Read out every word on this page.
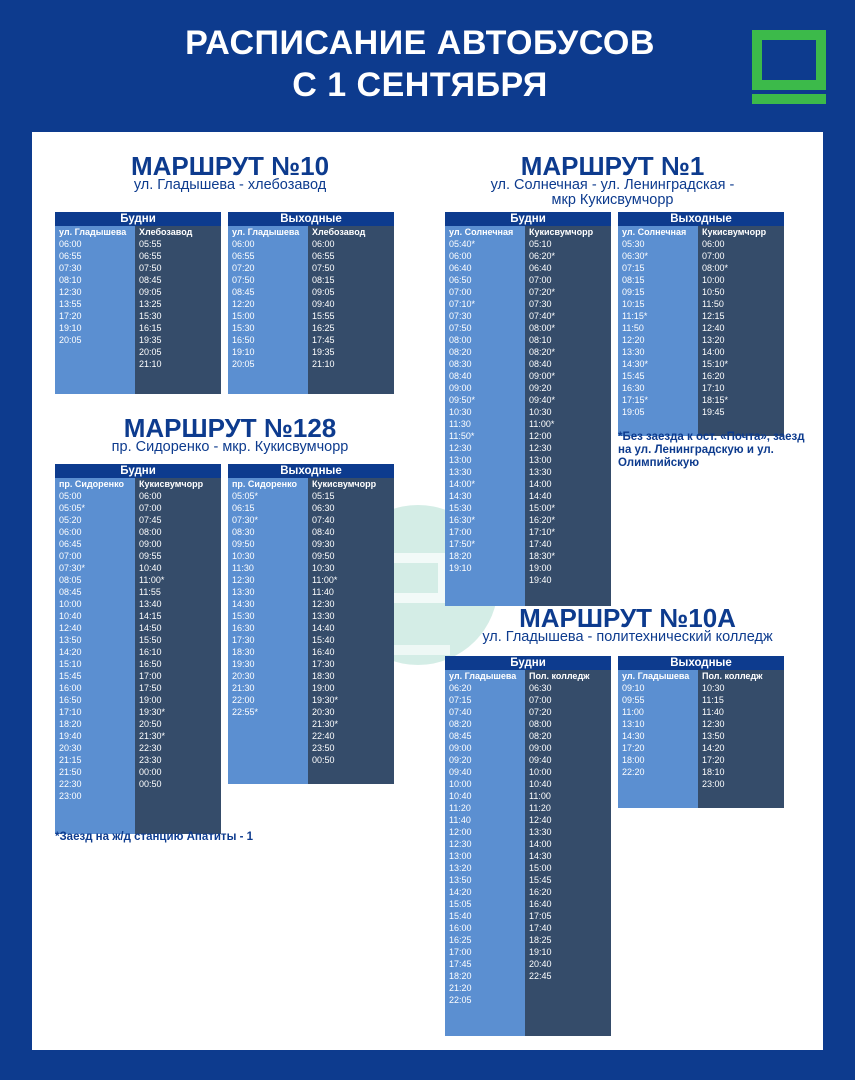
РАСПИСАНИЕ АВТОБУСОВ
С 1 СЕНТЯБРЯ
МАРШРУТ №10
ул. Гладышева - хлебозавод
Будни
ул. Гладышева
06:00
06:55
07:30
08:10
12:30
13:55
17:20
19:10
20:05
Хлебозавод
05:55
06:55
07:50
08:45
09:05
13:25
15:30
16:15
19:35
20:05
21:10
Выходные
ул. Гладышева
06:00
06:55
07:20
07:50
08:45
12:20
15:00
15:30
16:50
19:10
20:05
Хлебозавод
06:00
06:55
07:50
08:15
09:05
09:40
15:55
16:25
17:45
19:35
21:10
МАРШРУТ №128
пр. Сидоренко - мкр. Кукисвумчорр
Будни
пр. Сидоренко
05:00
05:05*
05:20
06:00
06:45
07:00
07:30*
08:05
08:45
10:00
10:40
12:40
13:50
14:20
15:10
15:45
16:00
16:50
17:10
18:20
19:40
20:30
21:15
21:50
22:30
23:00
Кукисвумчорр
06:00
07:00
07:45
08:00
09:00
09:55
10:40
11:00*
11:55
13:40
14:15
14:50
15:50
16:10
16:50
17:00
17:50
19:00
19:30*
20:50
21:30*
22:30
23:30
00:00
00:50
Выходные
пр. Сидоренко
05:05*
06:15
07:30*
08:30
09:50
10:30
11:30
12:30
13:30
14:30
15:30
16:30
17:30
18:30
19:30
20:30
21:30
22:00
22:55*
Кукисвумчорр
05:15
06:30
07:40
08:40
09:30
09:50
10:30
11:00*
11:40
12:30
13:30
14:40
15:40
16:40
17:30
18:30
19:00
19:30*
20:30
21:30*
22:40
23:50
00:50
*Заезд на ж/д станцию Апатиты - 1
МАРШРУТ №1
ул. Солнечная - ул. Ленинградская -
мкр Кукисвумчорр
Будни
ул. Солнечная
05:40*
06:00
06:40
06:50
07:00
07:10*
07:30
07:50
08:00
08:20
08:30
08:40
09:00
09:50*
10:30
11:30
11:50*
12:30
13:00
13:30
14:00*
14:30
15:30
16:30*
17:00
17:50*
18:20
19:10
Кукисвумчорр
05:10
06:20*
06:40
07:00
07:20*
07:30
07:40*
08:00*
08:10
08:20*
08:40
09:00*
09:20
09:40*
10:30
11:00*
12:00
12:30
13:00
13:30
14:00
14:40
15:00*
16:20*
17:10*
17:40
18:30*
19:00
19:40
Выходные
ул. Солнечная
05:30
06:30*
07:15
08:15
09:15
10:15
11:15*
11:50
12:20
13:30
14:30*
15:45
16:30
17:15*
19:05
Кукисвумчорр
06:00
07:00
08:00*
10:00
10:50
11:50
12:15
12:40
13:20
14:00
15:10*
16:20
17:10
18:15*
19:45
*Без заезда к ост. «Почта», заезд на ул. Ленинградскую и ул. Олимпийскую
МАРШРУТ №10А
ул. Гладышева - политехнический колледж
Будни
ул. Гладышева
06:20
07:15
07:40
08:20
08:45
09:00
09:20
09:40
10:00
10:40
11:20
11:40
12:00
12:30
13:00
13:20
13:50
14:20
15:05
15:40
16:00
16:25
17:00
17:45
18:20
21:20
22:05
Пол. колледж
06:30
07:00
07:20
08:00
08:20
09:00
09:40
10:00
10:40
11:00
11:20
12:40
13:30
14:00
14:30
15:00
15:45
16:20
16:40
17:05
17:40
18:25
19:10
20:40
22:45
Выходные
ул. Гладышева
09:10
09:55
11:00
13:10
14:30
17:20
18:00
22:20
Пол. колледж
10:30
11:15
11:40
12:30
13:50
14:20
17:20
18:10
23:00
